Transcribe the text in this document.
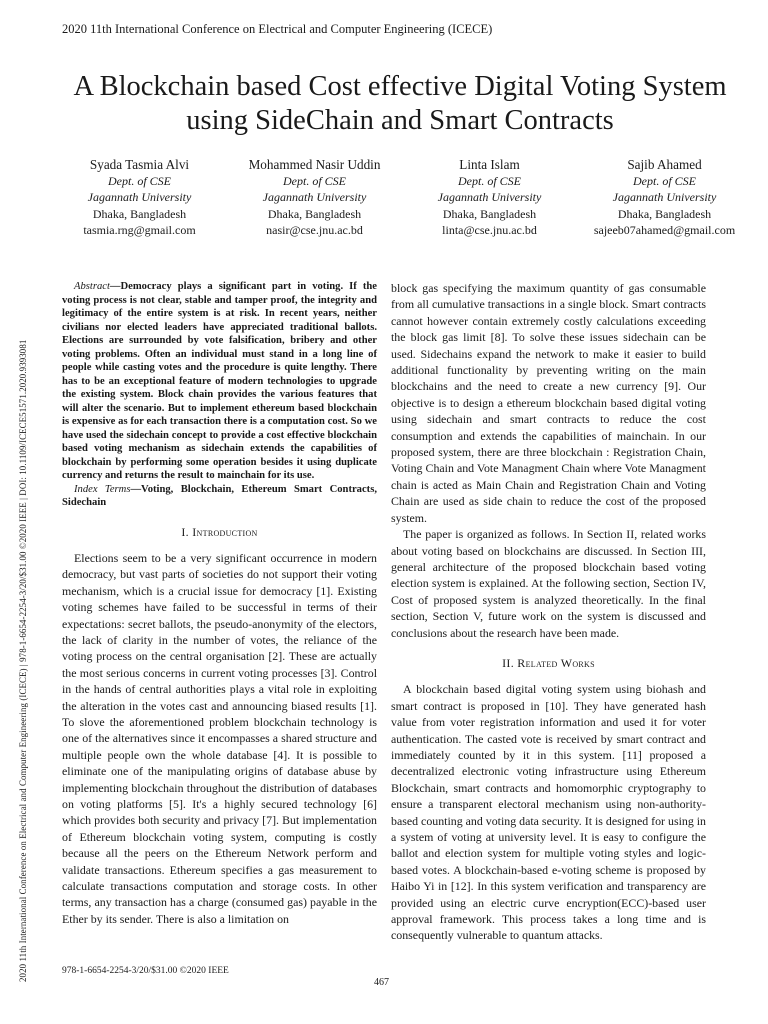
2020 11th International Conference on Electrical and Computer Engineering (ICECE)
2020 11th International Conference on Electrical and Computer Engineering (ICECE) | 978-1-6654-2254-3/20/$31.00 ©2020 IEEE | DOI: 10.1109/ICECE51571.2020.9393081
A Blockchain based Cost effective Digital Voting System using SideChain and Smart Contracts
Syada Tasmia Alvi
Dept. of CSE
Jagannath University
Dhaka, Bangladesh
tasmia.rng@gmail.com
Mohammed Nasir Uddin
Dept. of CSE
Jagannath University
Dhaka, Bangladesh
nasir@cse.jnu.ac.bd
Linta Islam
Dept. of CSE
Jagannath University
Dhaka, Bangladesh
linta@cse.jnu.ac.bd
Sajib Ahamed
Dept. of CSE
Jagannath University
Dhaka, Bangladesh
sajeeb07ahamed@gmail.com

Abstract—Democracy plays a significant part in voting. If the voting process is not clear, stable and tamper proof, the integrity and legitimacy of the entire system is at risk. In recent years, neither civilians nor elected leaders have appreciated traditional ballots. Elections are surrounded by vote falsification, bribery and other voting problems. Often an individual must stand in a long line of people while casting votes and the procedure is quite lengthy. There has to be an exceptional feature of modern technologies to upgrade the existing system. Block chain provides the various features that will alter the scenario. But to implement ethereum based blockchain is expensive as for each transaction there is a computation cost. So we have used the sidechain concept to provide a cost effective blockchain based voting mechanism as sidechain extends the capabilities of blockchain by performing some operation besides it using duplicate currency and returns the result to mainchain for its use.

Index Terms—Voting, Blockchain, Ethereum Smart Contracts, Sidechain

I. Introduction

Elections seem to be a very significant occurrence in modern democracy, but vast parts of societies do not support their voting mechanism, which is a crucial issue for democracy [1]. Existing voting schemes have failed to be successful in terms of their expectations: secret ballots, the pseudo-anonymity of the electors, the lack of clarity in the number of votes, the reliance of the voting process on the central organisation [2]. These are actually the most serious concerns in current voting processes [3]. Control in the hands of central authorities plays a vital role in exploiting the alteration in the votes cast and announcing biased results [1]. To slove the aforementioned problem blockchain technology is one of the alternatives since it encompasses a shared structure and multiple people own the whole database [4]. It is possible to eliminate one of the manipulating origins of database abuse by implementing blockchain throughout the distribution of databases on voting platforms [5]. It's a highly secured technology [6] which provides both security and privacy [7]. But implementation of Ethereum blockchain voting system, computing is costly because all the peers on the Ethereum Network perform and validate transactions. Ethereum specifies a gas measurement to calculate transactions computation and storage costs. In other terms, any transaction has a charge (consumed gas) payable in the Ether by its sender. There is also a limitation on

block gas specifying the maximum quantity of gas consumable from all cumulative transactions in a single block. Smart contracts cannot however contain extremely costly calculations exceeding the block gas limit [8]. To solve these issues sidechain can be used. Sidechains expand the network to make it easier to build additional functionality by preventing writing on the main blockchains and the need to create a new currency [9]. Our objective is to design a ethereum blockchain based digital voting using sidechain and smart contracts to reduce the cost consumption and extends the capabilities of mainchain. In our proposed system, there are three blockchain : Registration Chain, Voting Chain and Vote Managment Chain where Vote Managment chain is acted as Main Chain and Registration Chain and Voting Chain are used as side chain to reduce the cost of the proposed system.

The paper is organized as follows. In Section II, related works about voting based on blockchains are discussed. In Section III, general architecture of the proposed blockchain based voting election system is explained. At the following section, Section IV, Cost of proposed system is analyzed theoretically. In the final section, Section V, future work on the system is discussed and conclusions about the research have been made.

II. Related Works

A blockchain based digital voting system using biohash and smart contract is proposed in [10]. They have generated hash value from voter registration information and used it for voter authentication. The casted vote is received by smart contract and immediately counted by it in this system. [11] proposed a decentralized electronic voting infrastructure using Ethereum Blockchain, smart contracts and homomorphic cryptography to ensure a transparent electoral mechanism using non-authority-based counting and voting data security. It is designed for using in a system of voting at university level. It is easy to configure the ballot and election system for multiple voting styles and logic-based votes. A blockchain-based e-voting scheme is proposed by Haibo Yi in [12]. In this system verification and transparency are provided using an electric curve encryption(ECC)-based user approval framework. This process takes a long time and is consequently vulnerable to quantum attacks.

978-1-6654-2254-3/20/$31.00 ©2020 IEEE
467
